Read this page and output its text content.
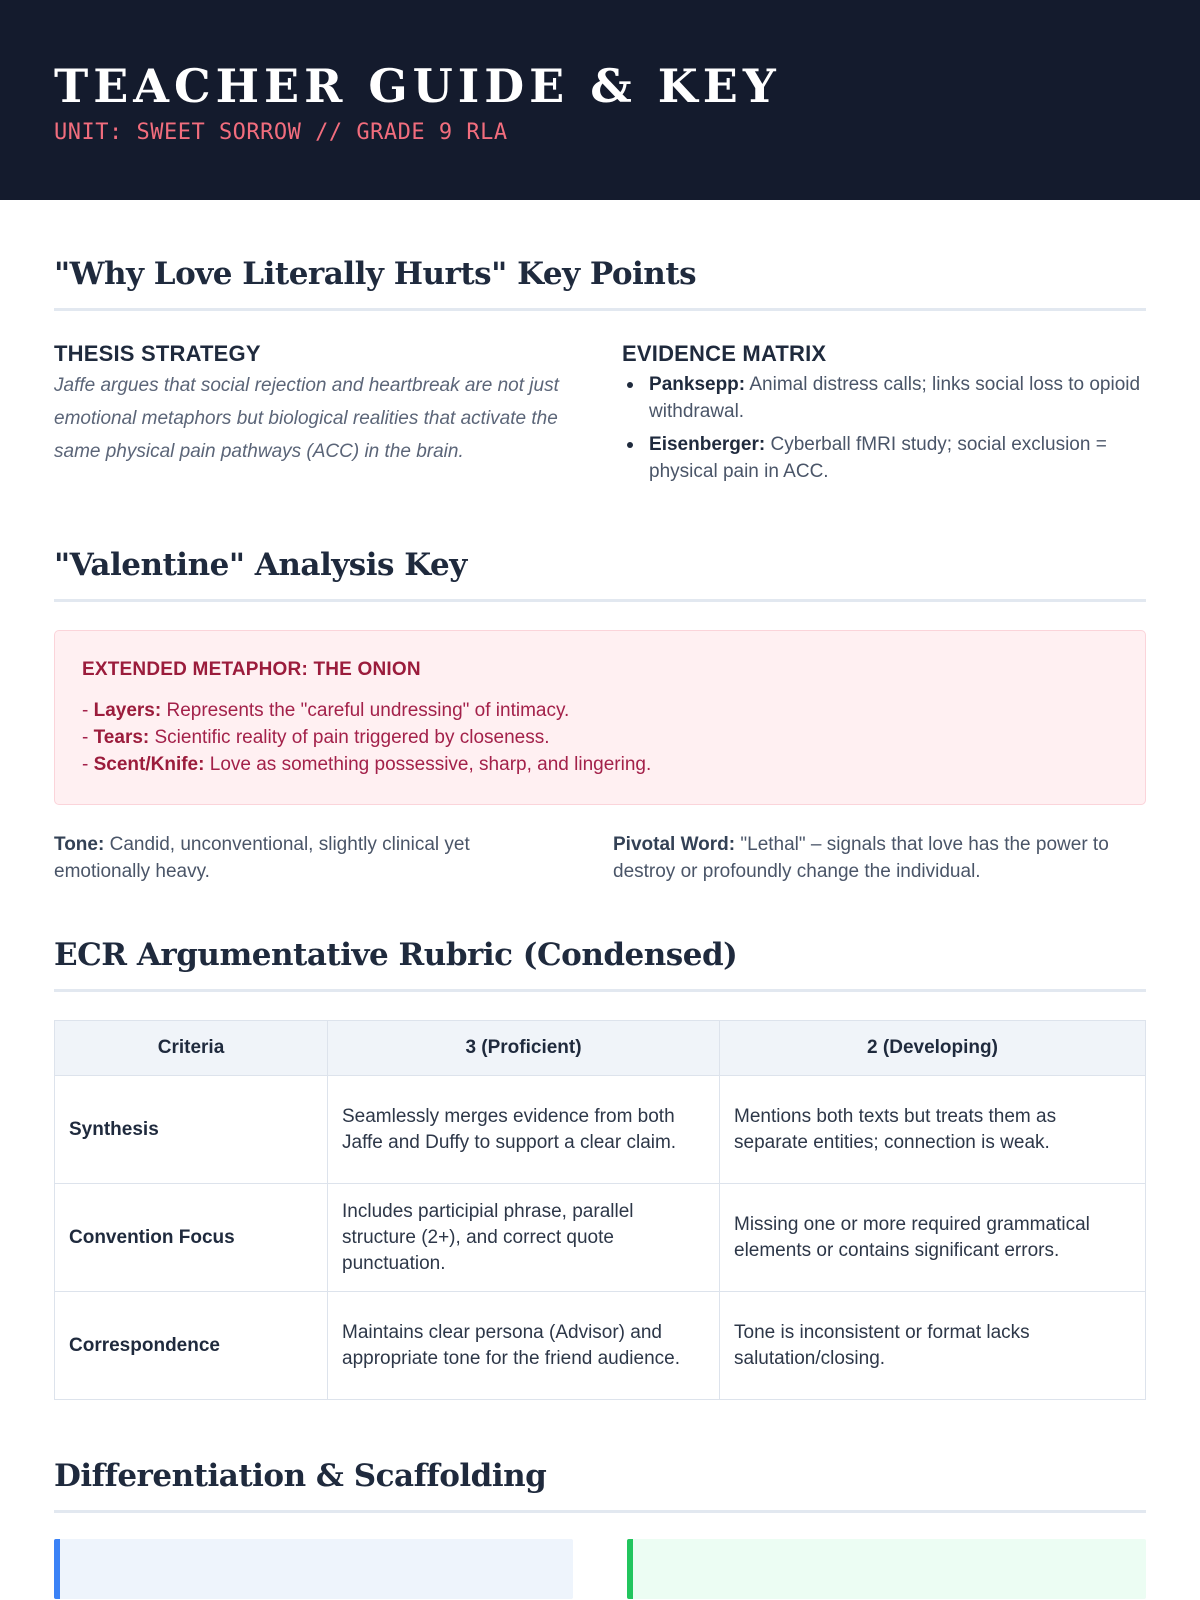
TEACHER GUIDE & KEY
UNIT: SWEET SORROW // GRADE 9 RLA
"Why Love Literally Hurts" Key Points
THESIS STRATEGY

Jaffe argues that social rejection and heartbreak are not just emotional metaphors but biological realities that activate the same physical pain pathways (ACC) in the brain.

EVIDENCE MATRIX
Panksepp: Animal distress calls; links social loss to opioid withdrawal.
Eisenberger: Cyberball fMRI study; social exclusion = physical pain in ACC.
"Valentine" Analysis Key
EXTENDED METAPHOR: THE ONION
- Layers: Represents the "careful undressing" of intimacy.
- Tears: Scientific reality of pain triggered by closeness.
- Scent/Knife: Love as something possessive, sharp, and lingering.
Tone: Candid, unconventional, slightly clinical yet emotionally heavy.
Pivotal Word: "Lethal" – signals that love has the power to destroy or profoundly change the individual.
ECR Argumentative Rubric (Condensed)
Criteria	3 (Proficient)	2 (Developing)
Synthesis	Seamlessly merges evidence from both Jaffe and Duffy to support a clear claim.	Mentions both texts but treats them as separate entities; connection is weak.
Convention Focus	Includes participial phrase, parallel structure (2+), and correct quote punctuation.	Missing one or more required grammatical elements or contains significant errors.
Correspondence	Maintains clear persona (Advisor) and appropriate tone for the friend audience.	Tone is inconsistent or format lacks salutation/closing.
Differentiation & Scaffolding
